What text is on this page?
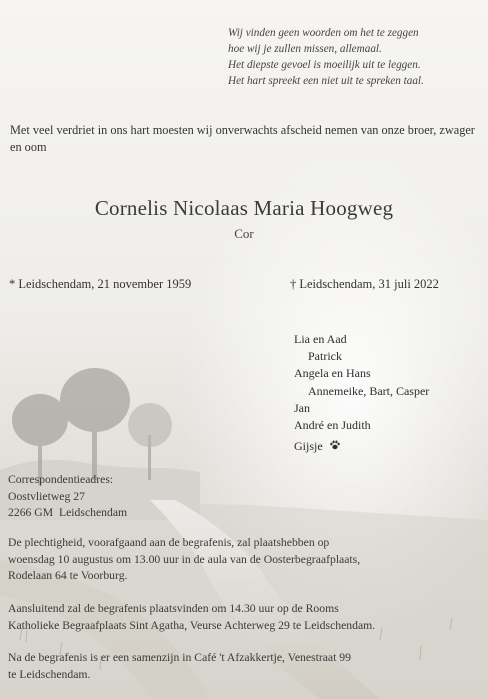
Wij vinden geen woorden om het te zeggen
hoe wij je zullen missen, allemaal.
Het diepste gevoel is moeilijk uit te leggen.
Het hart spreekt een niet uit te spreken taal.
Met veel verdriet in ons hart moesten wij onverwachts afscheid nemen van onze broer, zwager en oom
Cornelis Nicolaas Maria Hoogweg
Cor
* Leidschendam, 21 november 1959	† Leidschendam, 31 juli 2022
Lia en Aad
Patrick
Angela en Hans
Annemeike, Bart, Casper
Jan
André en Judith
Gijsje
Correspondentieadres:
Oostvlietweg 27
2266 GM  Leidschendam
De plechtigheid, voorafgaand aan de begrafenis, zal plaatshebben op
woensdag 10 augustus om 13.00 uur in de aula van de Oosterbegraafplaats,
Rodelaan 64 te Voorburg.
Aansluitend zal de begrafenis plaatsvinden om 14.30 uur op de Rooms
Katholieke Begraafplaats Sint Agatha, Veurse Achterweg 29 te Leidschendam.
Na de begrafenis is er een samenzijn in Café 't Afzakkertje, Venestraat 99
te Leidschendam.
